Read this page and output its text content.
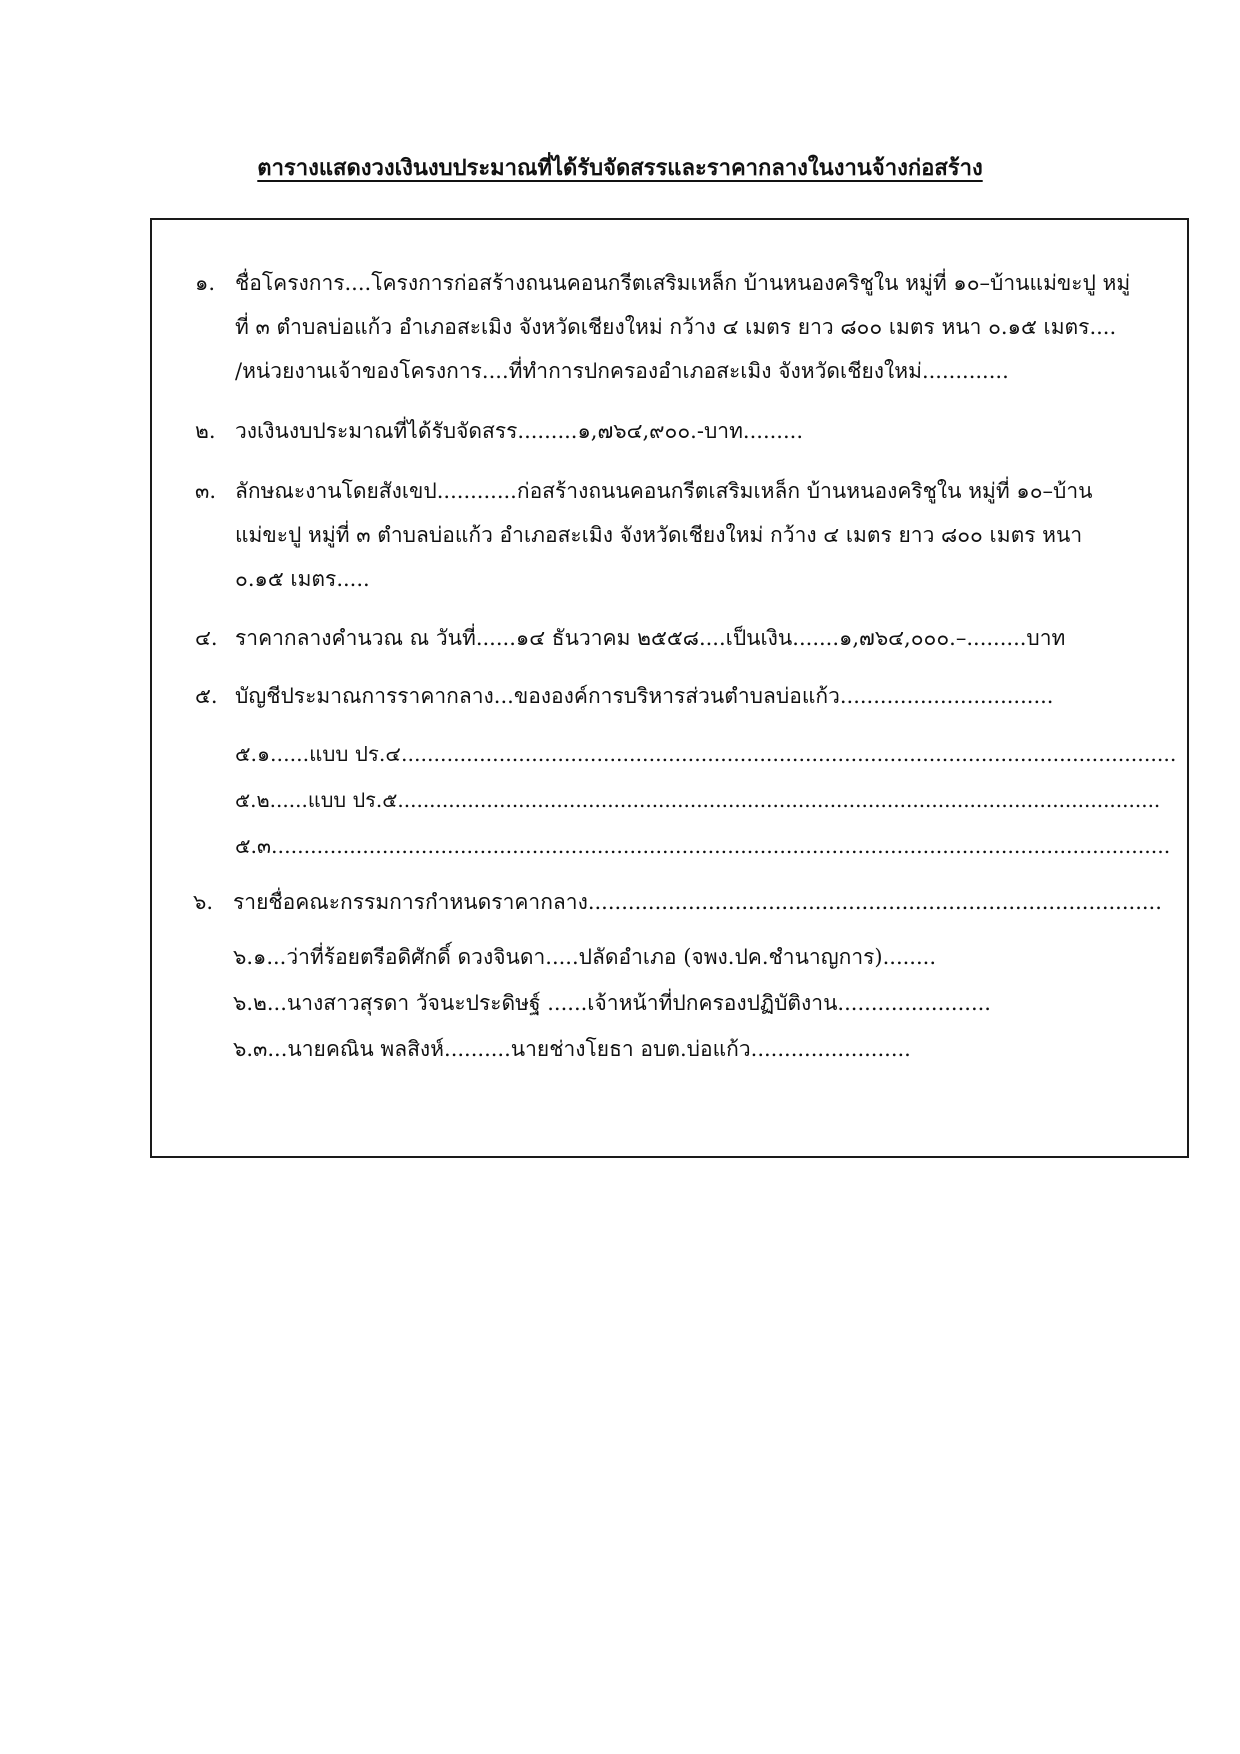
ตารางแสดงวงเงินงบประมาณที่ได้รับจัดสรรและราคากลางในงานจ้างก่อสร้าง
๑. ชื่อโครงการ....โครงการก่อสร้างถนนคอนกรีตเสริมเหล็ก บ้านหนองคริชูใน หมู่ที่ ๑๐–บ้านแม่ขะปู หมู่
ที่ ๓ ตำบลบ่อแก้ว อำเภอสะเมิง จังหวัดเชียงใหม่ กว้าง ๔ เมตร ยาว ๘๐๐ เมตร หนา ๐.๑๕ เมตร....
/หน่วยงานเจ้าของโครงการ....ที่ทำการปกครองอำเภอสะเมิง จังหวัดเชียงใหม่.............
๒. วงเงินงบประมาณที่ได้รับจัดสรร.........๑,๗๖๔,๙๐๐.-บาท.........
๓. ลักษณะงานโดยสังเขป............ก่อสร้างถนนคอนกรีตเสริมเหล็ก บ้านหนองคริชูใน หมู่ที่ ๑๐–บ้าน
แม่ขะปู หมู่ที่ ๓ ตำบลบ่อแก้ว อำเภอสะเมิง จังหวัดเชียงใหม่ กว้าง ๔ เมตร ยาว ๘๐๐ เมตร หนา
๐.๑๕ เมตร.....
๔. ราคากลางคำนวณ ณ วันที่......๑๔ ธันวาคม ๒๕๕๘....เป็นเงิน.......๑,๗๖๔,๐๐๐.–.........บาท
๕. บัญชีประมาณการราคากลาง...ขององค์การบริหารส่วนตำบลบ่อแก้ว................................
๕.๑......แบบ ปร.๔.......................................................................................................................
๕.๒......แบบ ปร.๕........................................................................................................................
๕.๓..........................................................................................................................................
๖. รายชื่อคณะกรรมการกำหนดราคากลาง......................................................................................
๖.๑...ว่าที่ร้อยตรีอดิศักดิ์ ดวงจินดา.....ปลัดอำเภอ (จพง.ปค.ชำนาญการ)........
๖.๒...นางสาวสุรดา วัจนะประดิษฐ์ ......เจ้าหน้าที่ปกครองปฏิบัติงาน.......................
๖.๓...นายคณิน พลสิงห์..........นายช่างโยธา อบต.บ่อแก้ว........................
